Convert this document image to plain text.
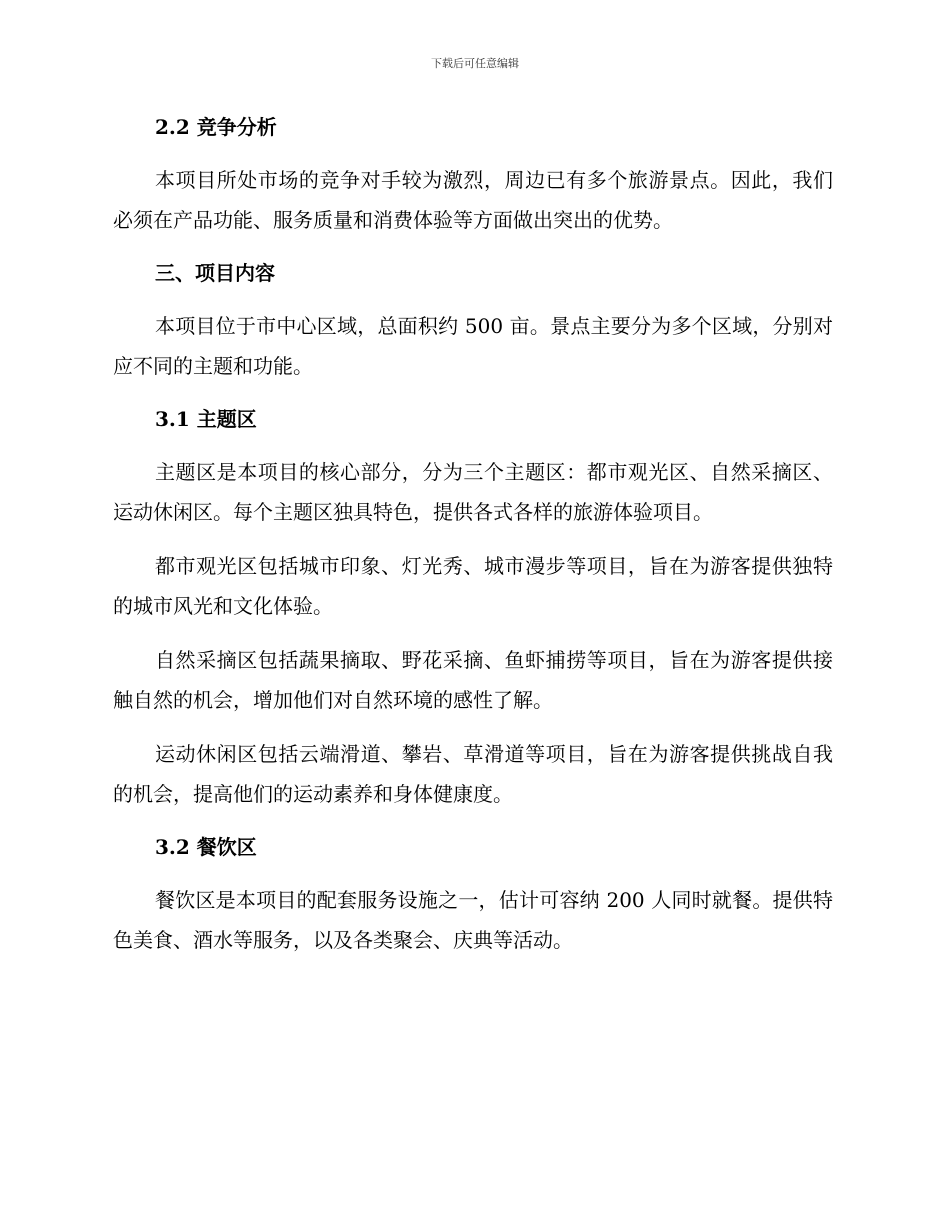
下载后可任意编辑
2.2 竞争分析

本项目所处市场的竞争对手较为激烈，周边已有多个旅游景点。因此，我们必须在产品功能、服务质量和消费体验等方面做出突出的优势。

三、项目内容

本项目位于市中心区域，总面积约 500 亩。景点主要分为多个区域，分别对应不同的主题和功能。

3.1 主题区

主题区是本项目的核心部分，分为三个主题区：都市观光区、自然采摘区、运动休闲区。每个主题区独具特色，提供各式各样的旅游体验项目。

都市观光区包括城市印象、灯光秀、城市漫步等项目，旨在为游客提供独特的城市风光和文化体验。

自然采摘区包括蔬果摘取、野花采摘、鱼虾捕捞等项目，旨在为游客提供接触自然的机会，增加他们对自然环境的感性了解。

运动休闲区包括云端滑道、攀岩、草滑道等项目，旨在为游客提供挑战自我的机会，提高他们的运动素养和身体健康度。

3.2 餐饮区

餐饮区是本项目的配套服务设施之一，估计可容纳 200 人同时就餐。提供特色美食、酒水等服务，以及各类聚会、庆典等活动。
